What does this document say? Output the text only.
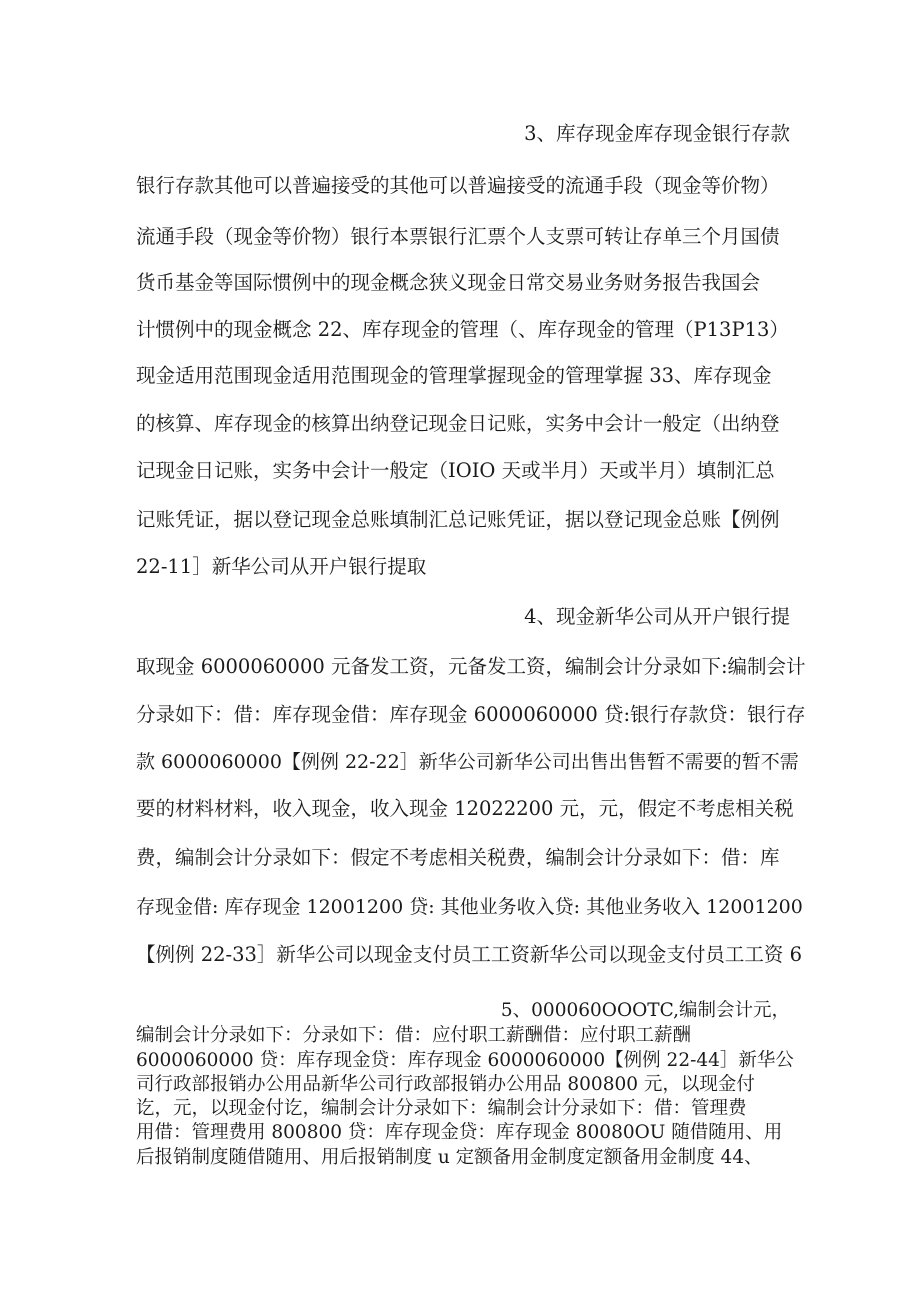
3、库存现金库存现金银行存款
银行存款其他可以普遍接受的其他可以普遍接受的流通手段（现金等价物）
流通手段（现金等价物）银行本票银行汇票个人支票可转让存单三个月国债
货币基金等国际惯例中的现金概念狭义现金日常交易业务财务报告我国会
计惯例中的现金概念 22、库存现金的管理（、库存现金的管理（P13P13）
现金适用范围现金适用范围现金的管理掌握现金的管理掌握 33、库存现金
的核算、库存现金的核算出纳登记现金日记账，实务中会计一般定（出纳登
记现金日记账，实务中会计一般定（IOIO 天或半月）天或半月）填制汇总
记账凭证，据以登记现金总账填制汇总记账凭证，据以登记现金总账【例例
22-11］新华公司从开户银行提取
4、现金新华公司从开户银行提
取现金 6000060000 元备发工资，元备发工资，编制会计分录如下:编制会计
分录如下：借：库存现金借：库存现金 6000060000 贷:银行存款贷：银行存
款 6000060000【例例 22-22］新华公司新华公司出售出售暂不需要的暂不需
要的材料材料，收入现金，收入现金 12022200 元，元，假定不考虑相关税
费，编制会计分录如下：假定不考虑相关税费，编制会计分录如下：借：库
存现金借: 库存现金 12001200 贷: 其他业务收入贷: 其他业务收入 12001200
【例例 22-33］新华公司以现金支付员工工资新华公司以现金支付员工工资 6
5、000060OOOTC,编制会计元，
编制会计分录如下：分录如下：借：应付职工薪酬借：应付职工薪酬
6000060000 贷：库存现金贷：库存现金 6000060000【例例 22-44］新华公
司行政部报销办公用品新华公司行政部报销办公用品 800800 元，以现金付
讫，元，以现金付讫，编制会计分录如下：编制会计分录如下：借：管理费
用借：管理费用 800800 贷：库存现金贷：库存现金 80080OU 随借随用、用
后报销制度随借随用、用后报销制度 u 定额备用金制度定额备用金制度 44、
